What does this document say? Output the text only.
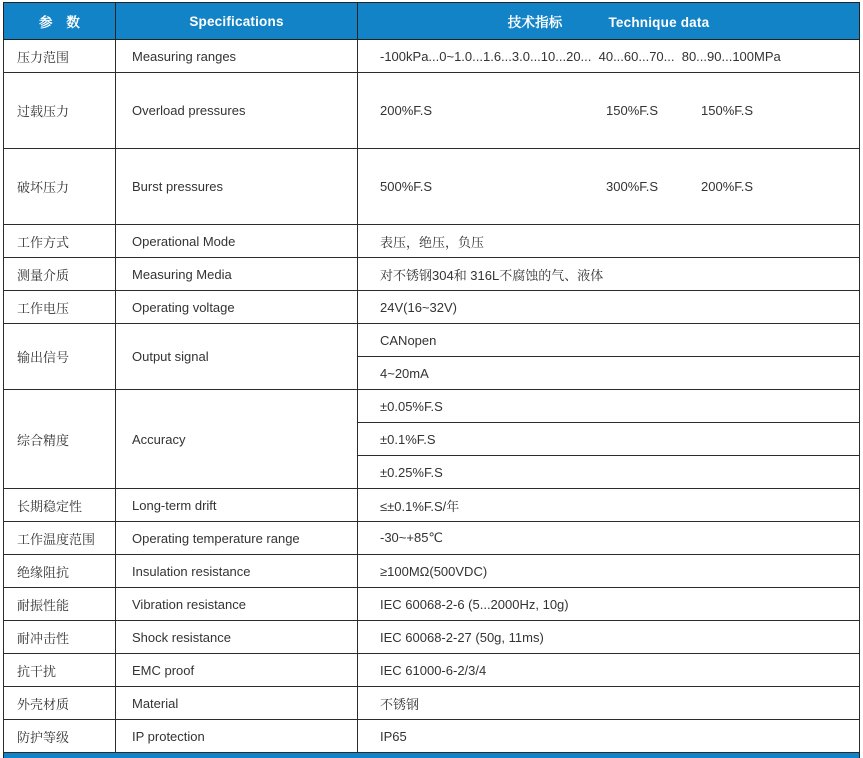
参　数	Specifications	技术指标 Technique data
压力范围	Measuring ranges	-100kPa...0~1.0...1.6...3.0...10...20...  40...60...70...  80...90...100MPa
过载压力	Overload pressures	200%F.S 150%F.S 150%F.S

破坏压力	Burst pressures	500%F.S 300%F.S 200%F.S

工作方式	Operational Mode	表压，绝压，负压
测量介质	Measuring Media	对不锈钢304和 316L不腐蚀的气、液体
工作电压	Operating voltage	24V(16~32V)
输出信号	Output signal	CANopen
		4~20mA
综合精度	Accuracy	±0.05%F.S
		±0.1%F.S
		±0.25%F.S
长期稳定性	Long-term drift	≤±0.1%F.S/年
工作温度范围	Operating temperature range	-30~+85℃
绝缘阻抗	Insulation resistance	≥100MΩ(500VDC)
耐振性能	Vibration resistance	IEC 60068-2-6 (5...2000Hz, 10g)
耐冲击性	Shock resistance	IEC 60068-2-27 (50g, 11ms)
抗干扰	EMC proof	IEC 61000-6-2/3/4
外壳材质	Material	不锈钢
防护等级	IP protection	IP65
